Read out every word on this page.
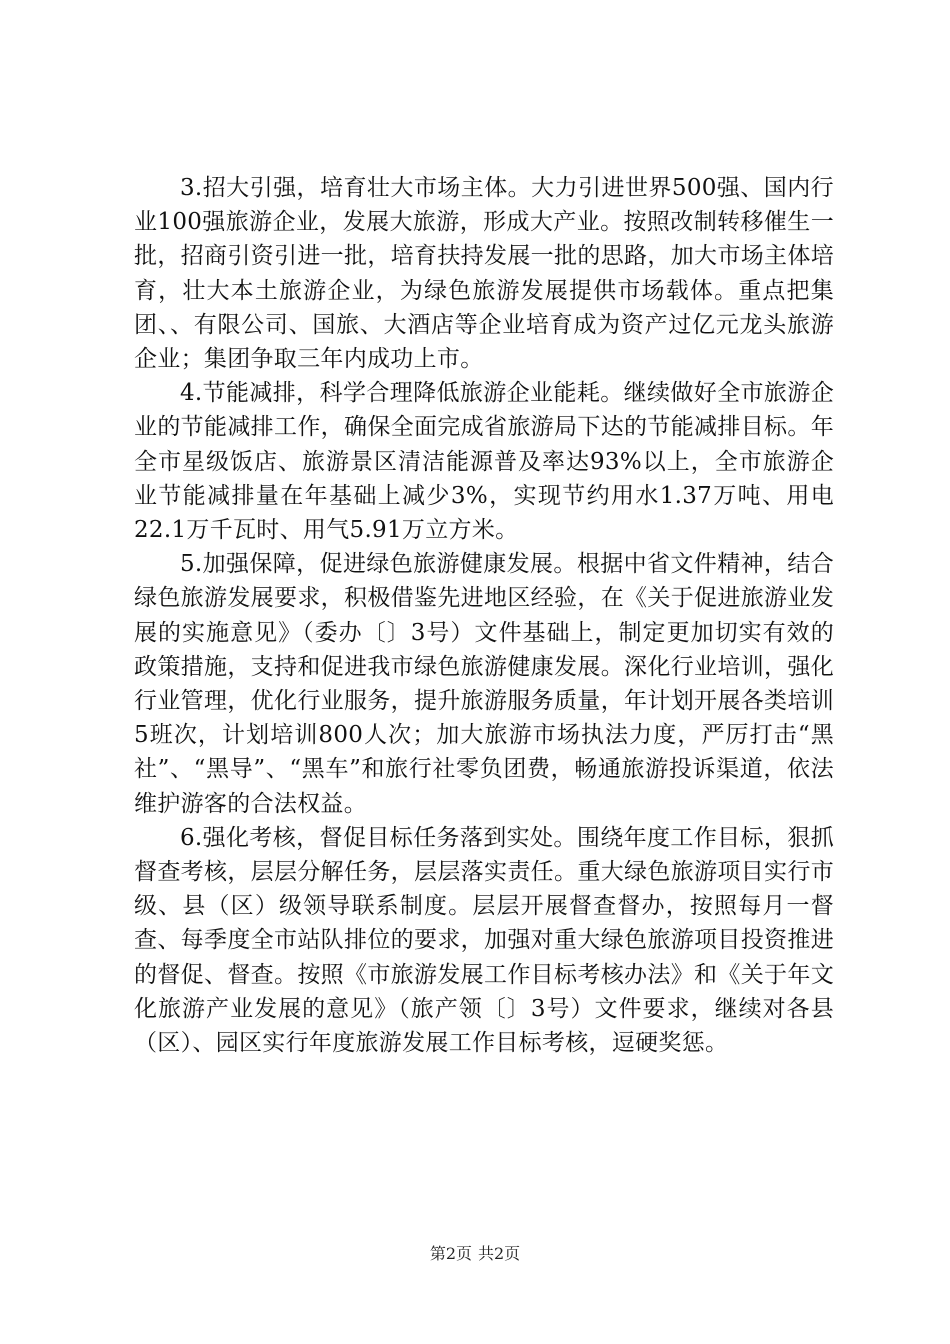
3.招大引强，培育壮大市场主体。大力引进世界500强、国内行业100强旅游企业，发展大旅游，形成大产业。按照改制转移催生一批，招商引资引进一批，培育扶持发展一批的思路，加大市场主体培育，壮大本土旅游企业，为绿色旅游发展提供市场载体。重点把集团、、有限公司、国旅、大酒店等企业培育成为资产过亿元龙头旅游企业；集团争取三年内成功上市。

4.节能减排，科学合理降低旅游企业能耗。继续做好全市旅游企业的节能减排工作，确保全面完成省旅游局下达的节能减排目标。年全市星级饭店、旅游景区清洁能源普及率达93%以上，全市旅游企业节能减排量在年基础上减少3%，实现节约用水1.37万吨、用电22.1万千瓦时、用气5.91万立方米。

5.加强保障，促进绿色旅游健康发展。根据中省文件精神，结合绿色旅游发展要求，积极借鉴先进地区经验，在《关于促进旅游业发展的实施意见》（委办〔〕3号）文件基础上，制定更加切实有效的政策措施，支持和促进我市绿色旅游健康发展。深化行业培训，强化行业管理，优化行业服务，提升旅游服务质量，年计划开展各类培训5班次，计划培训800人次；加大旅游市场执法力度，严厉打击“黑社”、“黑导”、“黑车”和旅行社零负团费，畅通旅游投诉渠道，依法维护游客的合法权益。

6.强化考核，督促目标任务落到实处。围绕年度工作目标，狠抓督查考核，层层分解任务，层层落实责任。重大绿色旅游项目实行市级、县（区）级领导联系制度。层层开展督查督办，按照每月一督查、每季度全市站队排位的要求，加强对重大绿色旅游项目投资推进的督促、督查。按照《市旅游发展工作目标考核办法》和《关于年文化旅游产业发展的意见》（旅产领〔〕3号）文件要求，继续对各县（区）、园区实行年度旅游发展工作目标考核，逗硬奖惩。

第2页 共2页
